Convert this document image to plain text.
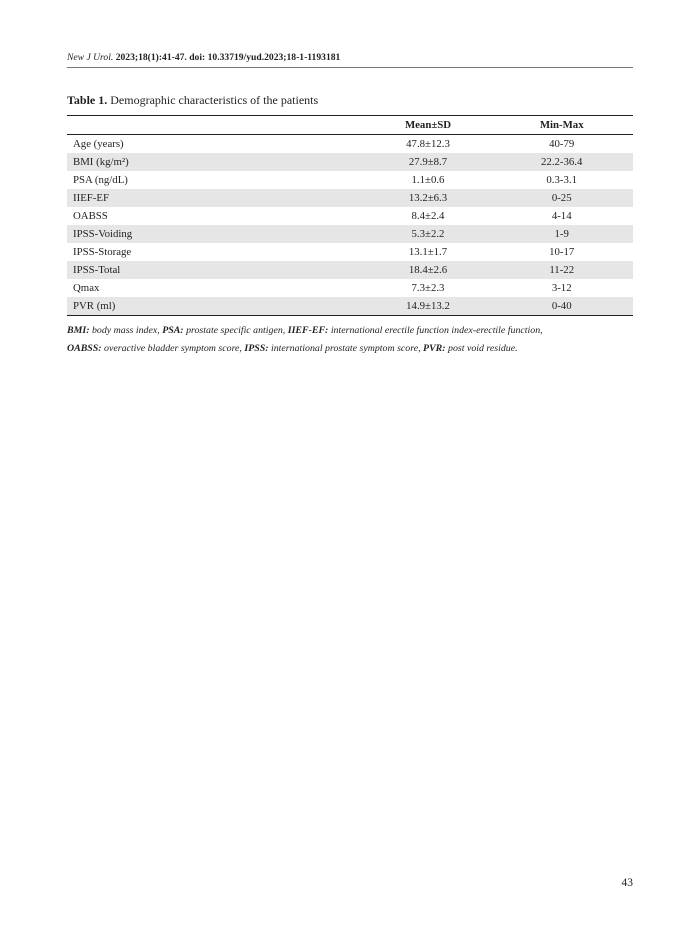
New J Urol. 2023;18(1):41-47. doi: 10.33719/yud.2023;18-1-1193181
Table 1. Demographic characteristics of the patients
	Mean±SD	Min-Max
Age (years)	47.8±12.3	40-79
BMI (kg/m²)	27.9±8.7	22.2-36.4
PSA (ng/dL)	1.1±0.6	0.3-3.1
IIEF-EF	13.2±6.3	0-25
OABSS	8.4±2.4	4-14
IPSS-Voiding	5.3±2.2	1-9
IPSS-Storage	13.1±1.7	10-17
IPSS-Total	18.4±2.6	11-22
Qmax	7.3±2.3	3-12
PVR (ml)	14.9±13.2	0-40
BMI: body mass index, PSA: prostate specific antigen, IIEF-EF: international erectile function index-erectile function,
OABSS: overactive bladder symptom score, IPSS: international prostate symptom score, PVR: post void residue.
43
